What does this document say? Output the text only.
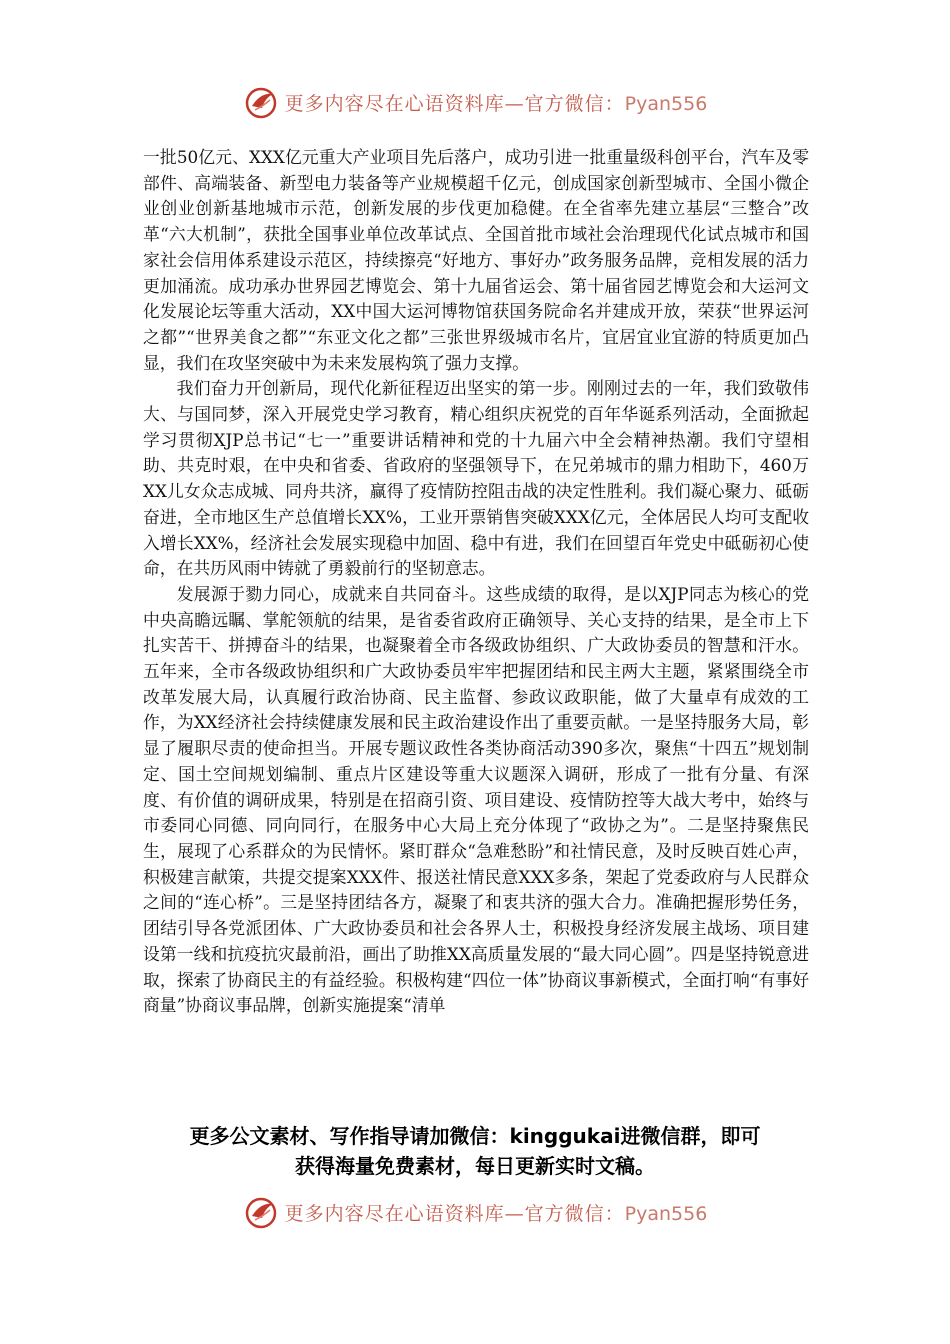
更多内容尽在心语资料库—官方微信：Pyan556

一批50亿元、XXX亿元重大产业项目先后落户，成功引进一批重量级科创平台，汽车及零部件、高端装备、新型电力装备等产业规模超千亿元，创成国家创新型城市、全国小微企业创业创新基地城市示范，创新发展的步伐更加稳健。在全省率先建立基层“三整合”改革“六大机制”，获批全国事业单位改革试点、全国首批市域社会治理现代化试点城市和国家社会信用体系建设示范区，持续擦亮“好地方、事好办”政务服务品牌，竞相发展的活力更加涌流。成功承办世界园艺博览会、第十九届省运会、第十届省园艺博览会和大运河文化发展论坛等重大活动，XX中国大运河博物馆获国务院命名并建成开放，荣获“世界运河之都”“世界美食之都”“东亚文化之都”三张世界级城市名片，宜居宜业宜游的特质更加凸显，我们在攻坚突破中为未来发展构筑了强力支撑。

我们奋力开创新局，现代化新征程迈出坚实的第一步。刚刚过去的一年，我们致敬伟大、与国同梦，深入开展党史学习教育，精心组织庆祝党的百年华诞系列活动，全面掀起学习贯彻XJP总书记“七一”重要讲话精神和党的十九届六中全会精神热潮。我们守望相助、共克时艰，在中央和省委、省政府的坚强领导下，在兄弟城市的鼎力相助下，460万XX儿女众志成城、同舟共济，赢得了疫情防控阻击战的决定性胜利。我们凝心聚力、砥砺奋进，全市地区生产总值增长XX%，工业开票销售突破XXX亿元，全体居民人均可支配收入增长XX%，经济社会发展实现稳中加固、稳中有进，我们在回望百年党史中砥砺初心使命，在共历风雨中铸就了勇毅前行的坚韧意志。

发展源于勠力同心，成就来自共同奋斗。这些成绩的取得，是以XJP同志为核心的党中央高瞻远瞩、掌舵领航的结果，是省委省政府正确领导、关心支持的结果，是全市上下扎实苦干、拼搏奋斗的结果，也凝聚着全市各级政协组织、广大政协委员的智慧和汗水。五年来，全市各级政协组织和广大政协委员牢牢把握团结和民主两大主题，紧紧围绕全市改革发展大局，认真履行政治协商、民主监督、参政议政职能，做了大量卓有成效的工作，为XX经济社会持续健康发展和民主政治建设作出了重要贡献。一是坚持服务大局，彰显了履职尽责的使命担当。开展专题议政性各类协商活动390多次，聚焦“十四五”规划制定、国土空间规划编制、重点片区建设等重大议题深入调研，形成了一批有分量、有深度、有价值的调研成果，特别是在招商引资、项目建设、疫情防控等大战大考中，始终与市委同心同德、同向同行，在服务中心大局上充分体现了“政协之为”。二是坚持聚焦民生，展现了心系群众的为民情怀。紧盯群众“急难愁盼”和社情民意，及时反映百姓心声，积极建言献策，共提交提案XXX件、报送社情民意XXX多条，架起了党委政府与人民群众之间的“连心桥”。三是坚持团结各方，凝聚了和衷共济的强大合力。准确把握形势任务，团结引导各党派团体、广大政协委员和社会各界人士，积极投身经济发展主战场、项目建设第一线和抗疫抗灾最前沿，画出了助推XX高质量发展的“最大同心圆”。四是坚持锐意进取，探索了协商民主的有益经验。积极构建“四位一体”协商议事新模式，全面打响“有事好商量”协商议事品牌，创新实施提案“清单

更多公文素材、写作指导请加微信：kinggukai进微信群，即可
获得海量免费素材，每日更新实时文稿。
更多内容尽在心语资料库—官方微信：Pyan556
